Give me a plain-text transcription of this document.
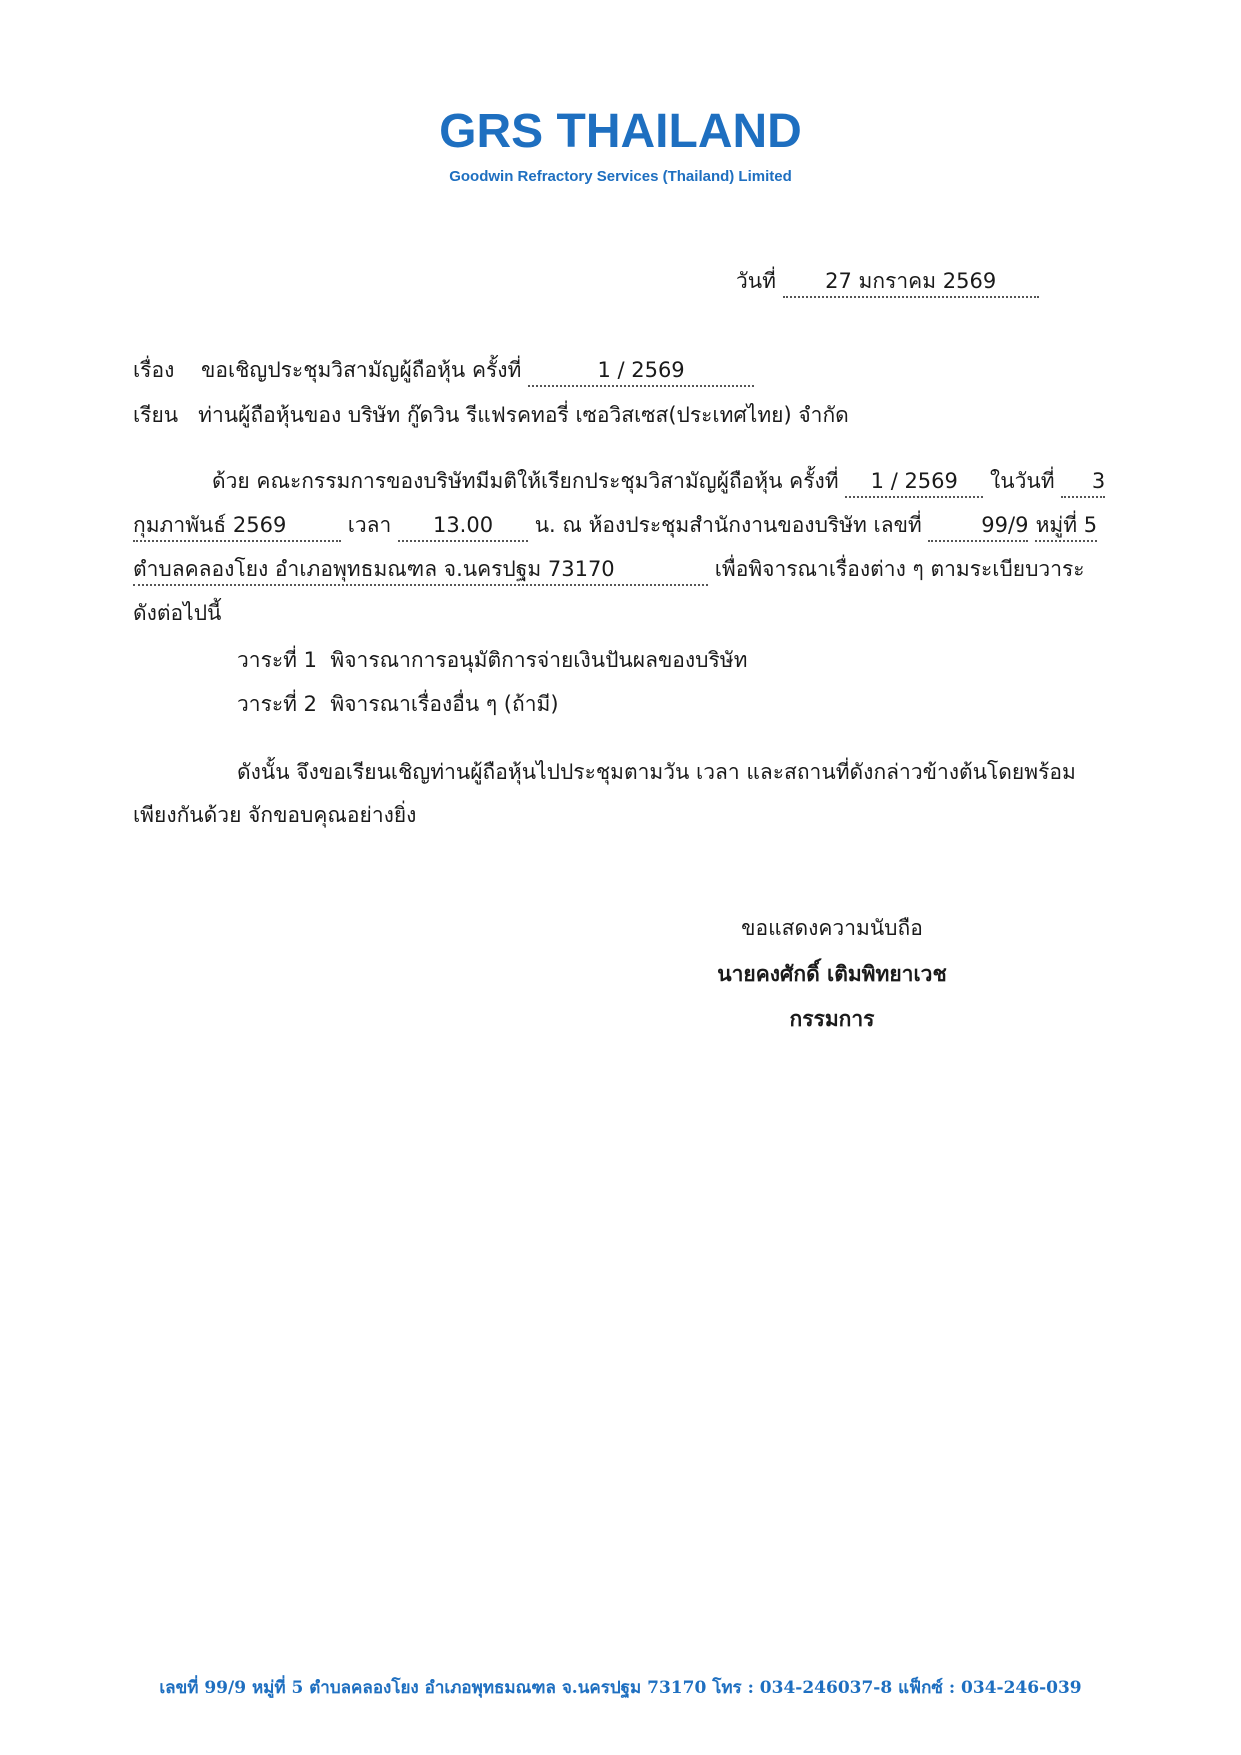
GRS THAILAND
Goodwin Refractory Services (Thailand) Limited
วันที่ 27 มกราคม 2569
เรื่อง ขอเชิญประชุมวิสามัญผู้ถือหุ้น ครั้งที่	1 / 2569
เรียน ท่านผู้ถือหุ้นของ บริษัท กู๊ดวิน รีแฟรคทอรี่ เซอวิสเซส(ประเทศไทย) จำกัด
ด้วย คณะกรรมการของบริษัทมีมติให้เรียกประชุมวิสามัญผู้ถือหุ้น ครั้งที่ 1 / 2569 ในวันที่ 3
กุมภาพันธ์ 2569	เวลา 13.00 น. ณ ห้องประชุมสำนักงานของบริษัท เลขที่	99/9 หมู่ที่ 5
ตำบลคลองโยง อำเภอพุทธมณฑล จ.นครปฐม 73170	เพื่อพิจารณาเรื่องต่าง ๆ ตามระเบียบวาระ
ดังต่อไปนี้
วาระที่ 1 พิจารณาการอนุมัติการจ่ายเงินปันผลของบริษัท
วาระที่ 2 พิจารณาเรื่องอื่น ๆ (ถ้ามี)
ดังนั้น จึงขอเรียนเชิญท่านผู้ถือหุ้นไปประชุมตามวัน เวลา และสถานที่ดังกล่าวข้างต้นโดยพร้อม
เพียงกันด้วย จักขอบคุณอย่างยิ่ง
ขอแสดงความนับถือ
นายคงศักดิ์ เติมพิทยาเวช
กรรมการ
เลขที่ 99/9 หมู่ที่ 5 ตำบลคลองโยง อำเภอพุทธมณฑล จ.นครปฐม 73170 โทร : 034-246037-8 แฟ็กซ์ : 034-246-039
